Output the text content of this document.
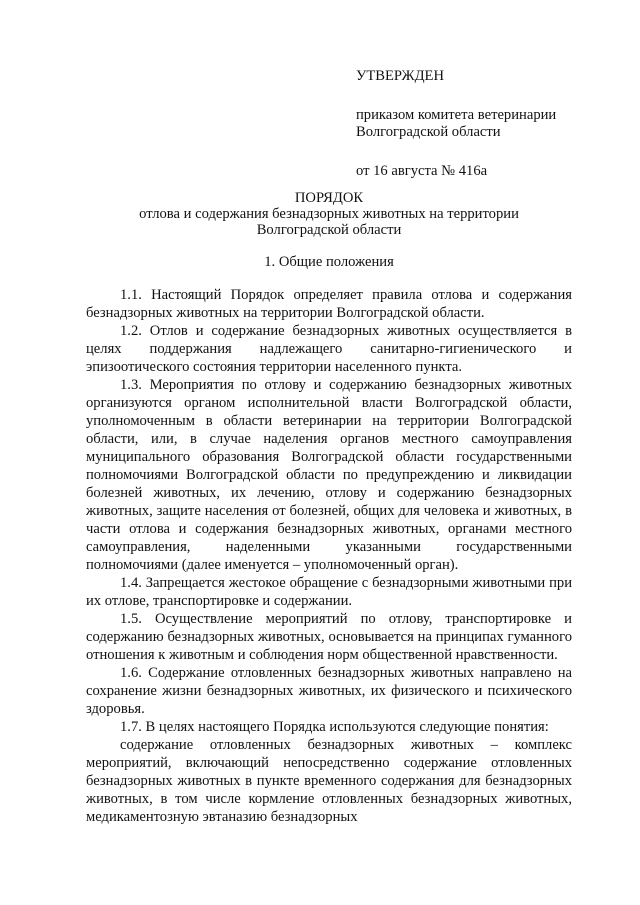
УТВЕРЖДЕН
приказом комитета ветеринарии
Волгоградской области
от 16 августа № 416а
ПОРЯДОК
отлова и содержания безнадзорных животных на территории
Волгоградской области
1. Общие положения

1.1. Настоящий Порядок определяет правила отлова и содержания безнадзорных животных на территории Волгоградской области.

1.2. Отлов и содержание безнадзорных животных осуществляется в целях поддержания надлежащего санитарно-гигиенического и эпизоотического состояния территории населенного пункта.

1.3. Мероприятия по отлову и содержанию безнадзорных животных организуются органом исполнительной власти Волгоградской области, уполномоченным в области ветеринарии на территории Волгоградской области, или, в случае наделения органов местного самоуправления муниципального образования Волгоградской области государственными полномочиями Волгоградской области по предупреждению и ликвидации болезней животных, их лечению, отлову и содержанию безнадзорных животных, защите населения от болезней, общих для человека и животных, в части отлова и содержания безнадзорных животных, органами местного самоуправления, наделенными указанными государственными полномочиями (далее именуется – уполномоченный орган).

1.4. Запрещается жестокое обращение с безнадзорными животными при их отлове, транспортировке и содержании.

1.5. Осуществление мероприятий по отлову, транспортировке и содержанию безнадзорных животных, основывается на принципах гуманного отношения к животным и соблюдения норм общественной нравственности.

1.6. Содержание отловленных безнадзорных животных направлено на сохранение жизни безнадзорных животных, их физического и психического здоровья.

1.7. В целях настоящего Порядка используются следующие понятия:

содержание отловленных безнадзорных животных – комплекс мероприятий, включающий непосредственно содержание отловленных безнадзорных животных в пункте временного содержания для безнадзорных животных, в том числе кормление отловленных безнадзорных животных, медикаментозную эвтаназию безнадзорных
